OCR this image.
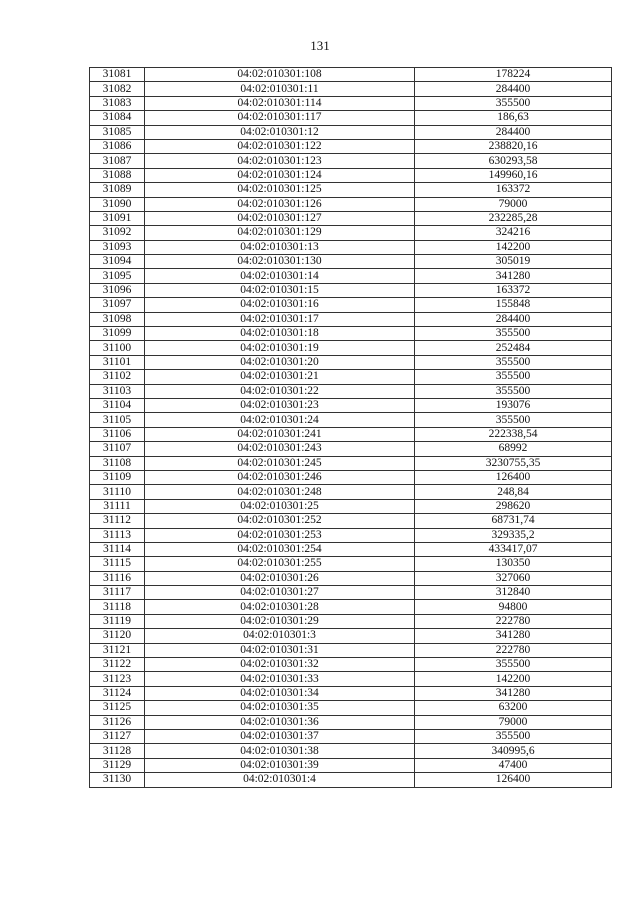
131
31081	04:02:010301:108	178224
31082	04:02:010301:11	284400
31083	04:02:010301:114	355500
31084	04:02:010301:117	186,63
31085	04:02:010301:12	284400
31086	04:02:010301:122	238820,16
31087	04:02:010301:123	630293,58
31088	04:02:010301:124	149960,16
31089	04:02:010301:125	163372
31090	04:02:010301:126	79000
31091	04:02:010301:127	232285,28
31092	04:02:010301:129	324216
31093	04:02:010301:13	142200
31094	04:02:010301:130	305019
31095	04:02:010301:14	341280
31096	04:02:010301:15	163372
31097	04:02:010301:16	155848
31098	04:02:010301:17	284400
31099	04:02:010301:18	355500
31100	04:02:010301:19	252484
31101	04:02:010301:20	355500
31102	04:02:010301:21	355500
31103	04:02:010301:22	355500
31104	04:02:010301:23	193076
31105	04:02:010301:24	355500
31106	04:02:010301:241	222338,54
31107	04:02:010301:243	68992
31108	04:02:010301:245	3230755,35
31109	04:02:010301:246	126400
31110	04:02:010301:248	248,84
31111	04:02:010301:25	298620
31112	04:02:010301:252	68731,74
31113	04:02:010301:253	329335,2
31114	04:02:010301:254	433417,07
31115	04:02:010301:255	130350
31116	04:02:010301:26	327060
31117	04:02:010301:27	312840
31118	04:02:010301:28	94800
31119	04:02:010301:29	222780
31120	04:02:010301:3	341280
31121	04:02:010301:31	222780
31122	04:02:010301:32	355500
31123	04:02:010301:33	142200
31124	04:02:010301:34	341280
31125	04:02:010301:35	63200
31126	04:02:010301:36	79000
31127	04:02:010301:37	355500
31128	04:02:010301:38	340995,6
31129	04:02:010301:39	47400
31130	04:02:010301:4	126400
